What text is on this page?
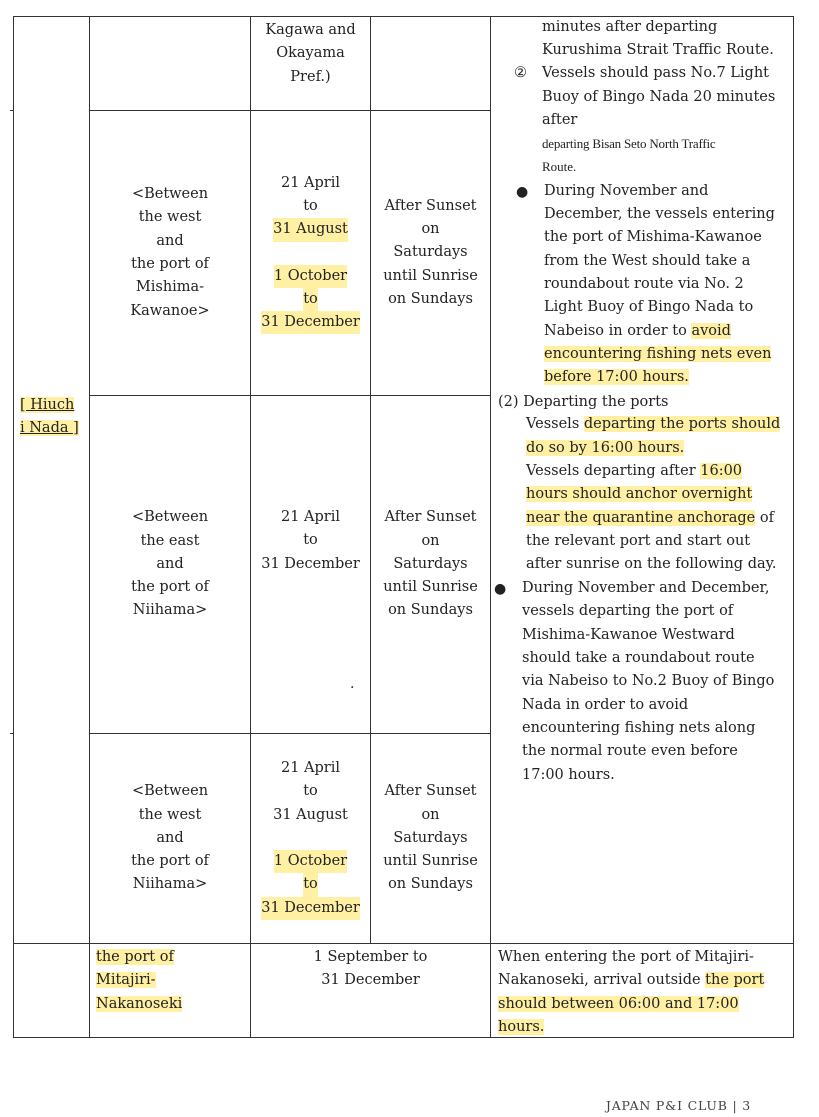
Kagawa and
Okayama
Pref.)
[ Hiuch
i Nada ]
<Between
the west
and
the port of
Mishima-
Kawanoe>
21 April
to
31 August
1 October
to
31 December
After Sunset
on
Saturdays
until Sunrise
on Sundays
<Between
the east
and
the port of
Niihama>
21 April
to
31 December
.
After Sunset
on
Saturdays
until Sunrise
on Sundays
<Between
the west
and
the port of
Niihama>
21 April
to
31 August
1 October
to
31 December
After Sunset
on
Saturdays
until Sunrise
on Sundays
minutes after departing
Kurushima Strait Traffic Route.
② Vessels should pass No.7 Light
Buoy of Bingo Nada 20 minutes
after
departing Bisan Seto North Traffic
Route.
● During November and
December, the vessels entering
the port of Mishima-Kawanoe
from the West should take a
roundabout route via No. 2
Light Buoy of Bingo Nada to
Nabeiso in order to avoid
encountering fishing nets even
before 17:00 hours.
(2) Departing the ports
Vessels departing the ports should
do so by 16:00 hours.
Vessels departing after 16:00
hours should anchor overnight
near the quarantine anchorage of
the relevant port and start out
after sunrise on the following day.
● During November and December,
vessels departing the port of
Mishima-Kawanoe Westward
should take a roundabout route
via Nabeiso to No.2 Buoy of Bingo
Nada in order to avoid
encountering fishing nets along
the normal route even before
17:00 hours.
the port of
Mitajiri-
Nakanoseki
1 September to
31 December
When entering the port of Mitajiri-
Nakanoseki, arrival outside the port
should between 06:00 and 17:00
hours.
JAPAN P&I CLUB | 3
